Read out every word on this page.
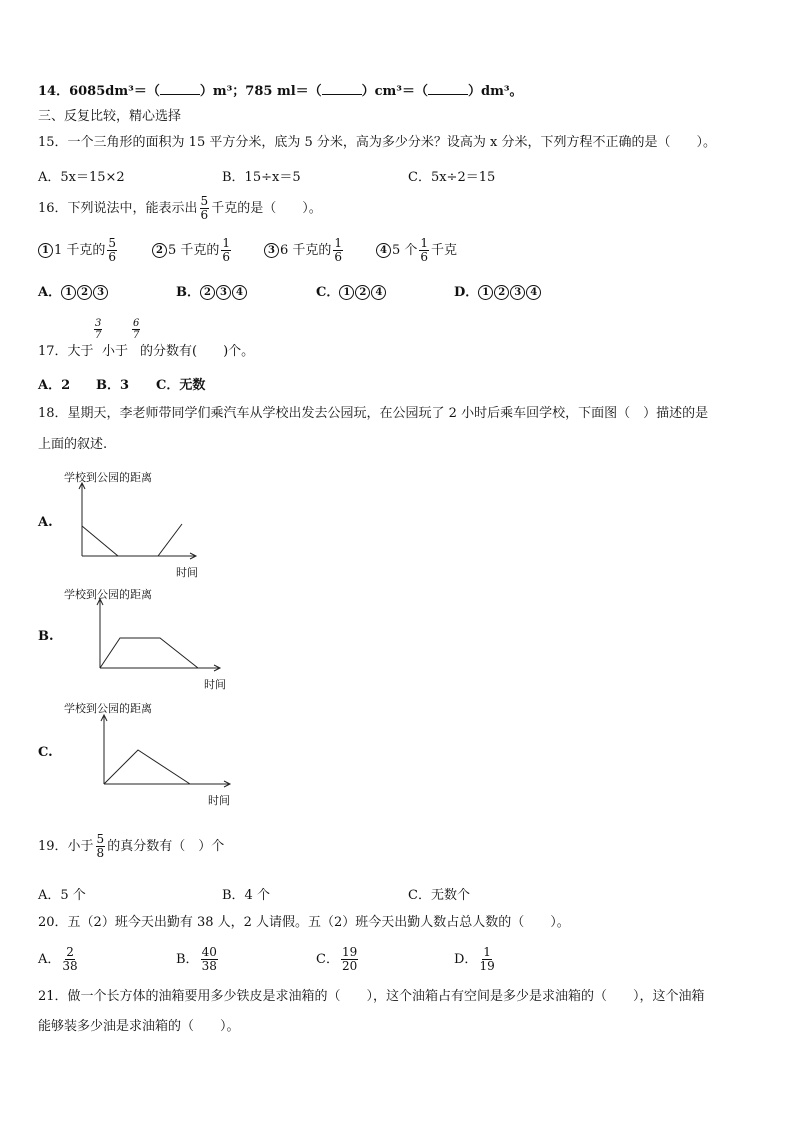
14．6085dm³＝（	）m³；785 ml＝（	）cm³＝（	）dm³。
三、反复比较，精心选择
15．一个三角形的面积为 15 平方分米，底为 5 分米，高为多少分米？设高为 x 分米，下列方程不正确的是（　　）。
A．5x＝15×2	B．15÷x＝5	C．5x÷2＝15
16．下列说法中，能表示出 $\frac{5}{6}$ 千克的是（　　）。
1 1 千克的 $\frac{5}{6}$	2 5 千克的 $\frac{1}{6}$	3 6 千克的 $\frac{1}{6}$	4 5 个 $\frac{1}{6}$ 千克
A． 1 2 3	B． 2 3 4	C． 1 2 4	D． 1 2 3 4
17．大于
$\frac{3}{7}$
小于
$\frac{6}{7}$
的分数有(　　)个。
A．2 B．3 C．无数
18．星期天，李老师带同学们乘汽车从学校出发去公园玩，在公园玩了 2 小时后乘车回学校，下面图（　）描述的是
上面的叙述.
A.
学校到公园的距离
时间
B.
学校到公园的距离
时间
C.
学校到公园的距离
时间
19．小于 $\frac{5}{8}$ 的真分数有（　）个
A．5 个	B．4 个	C．无数个
20．五（2）班今天出勤有 38 人，2 人请假。五（2）班今天出勤人数占总人数的（　　）。
A． $\frac{2}{38}$	B． $\frac{40}{38}$	C． $\frac{19}{20}$	D． $\frac{1}{19}$
21．做一个长方体的油箱要用多少铁皮是求油箱的（　　），这个油箱占有空间是多少是求油箱的（　　），这个油箱
能够装多少油是求油箱的（　　）。
